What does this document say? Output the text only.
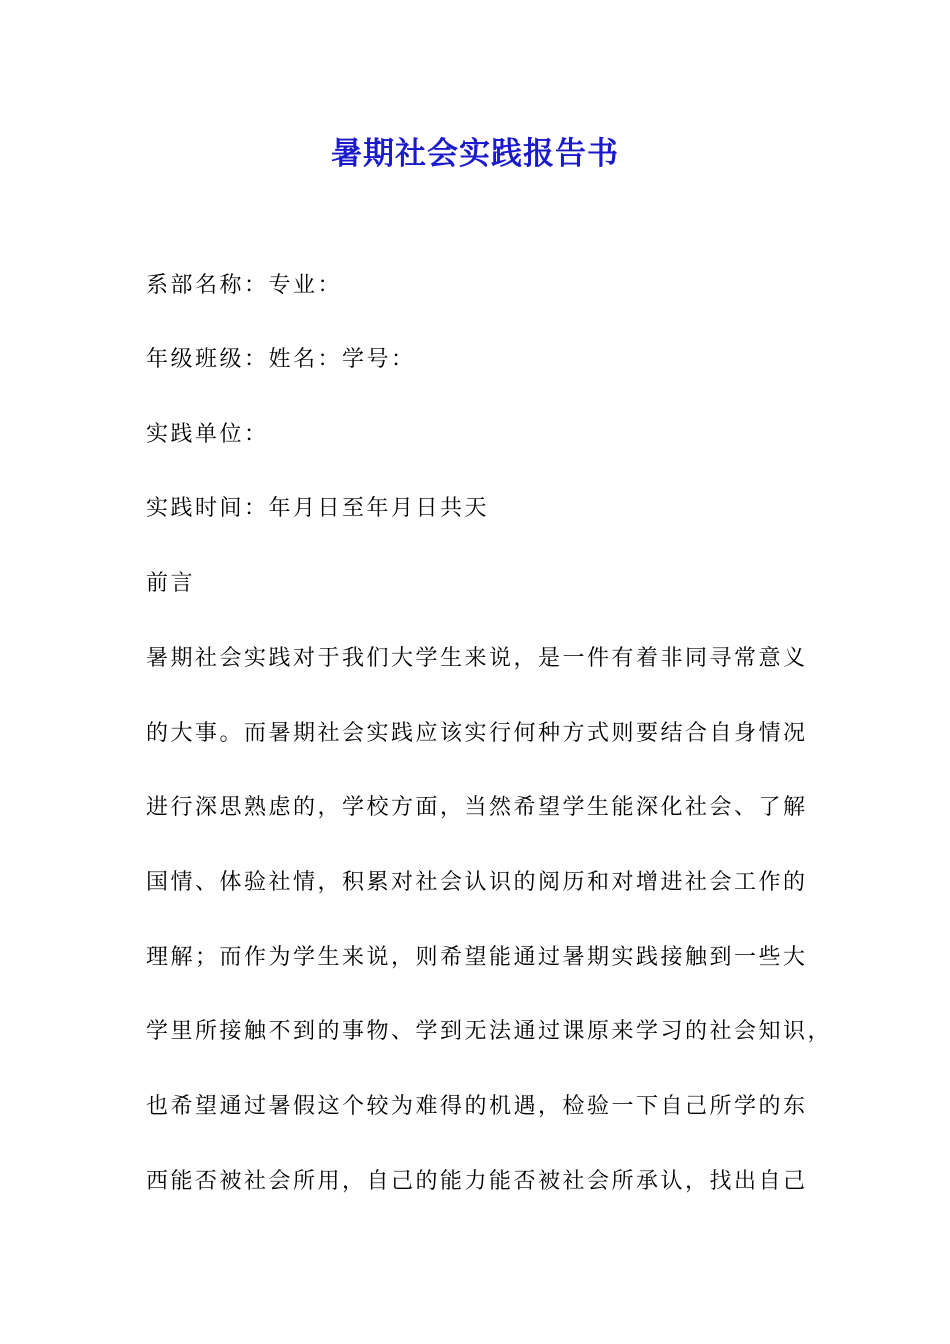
暑期社会实践报告书
系部名称：专业：
年级班级：姓名：学号：
实践单位：
实践时间：年月日至年月日共天
前言
暑期社会实践对于我们大学生来说，是一件有着非同寻常意义
的大事。而暑期社会实践应该实行何种方式则要结合自身情况
进行深思熟虑的，学校方面，当然希望学生能深化社会、了解
国情、体验社情，积累对社会认识的阅历和对增进社会工作的
理解；而作为学生来说，则希望能通过暑期实践接触到一些大
学里所接触不到的事物、学到无法通过课原来学习的社会知识，
也希望通过暑假这个较为难得的机遇，检验一下自己所学的东
西能否被社会所用，自己的能力能否被社会所承认，找出自己
